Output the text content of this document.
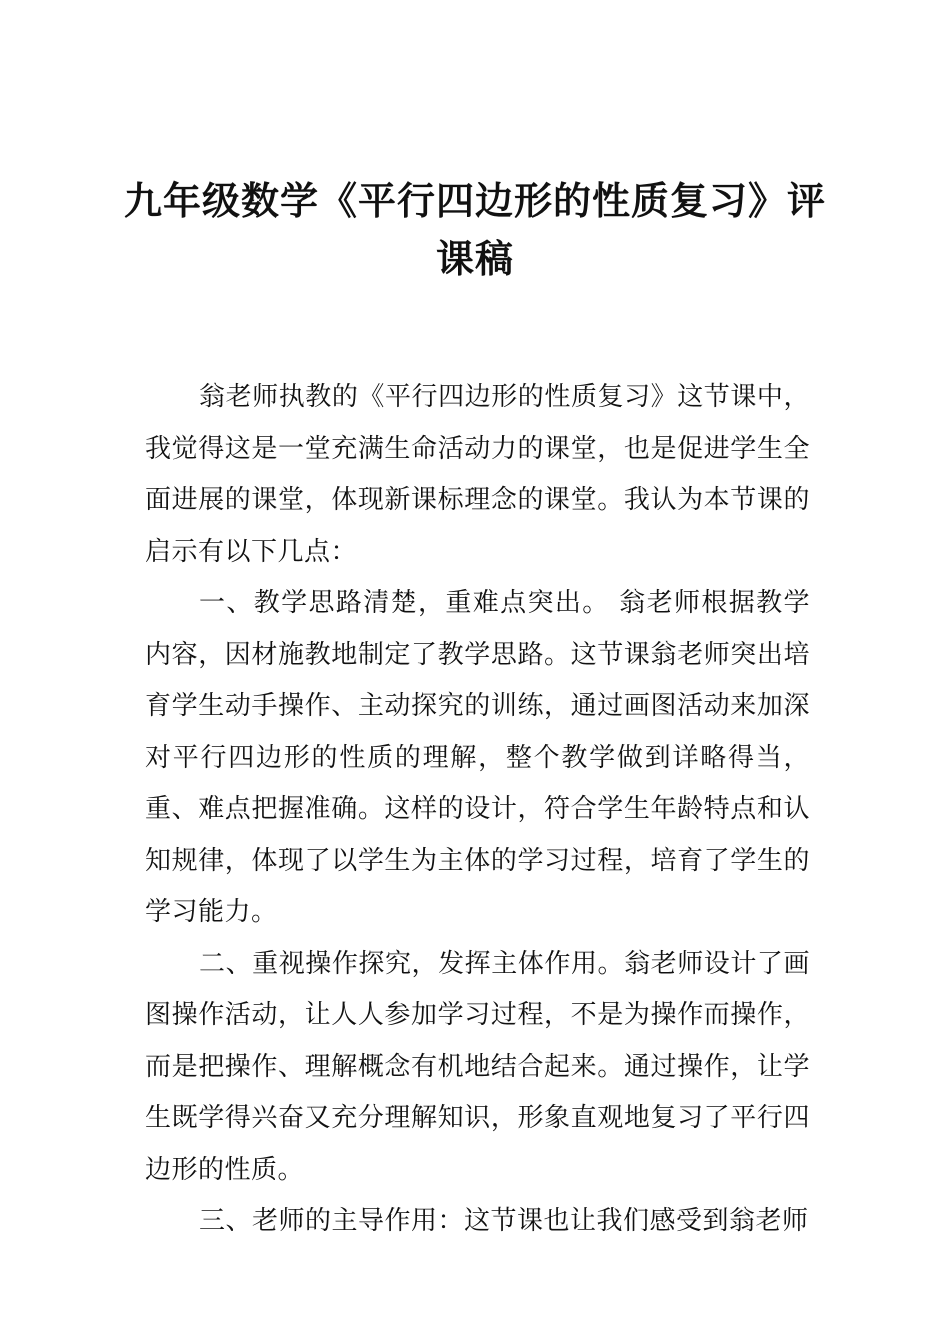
九年级数学《平行四边形的性质复习》评
课稿

翁老师执教的《平行四边形的性质复习》这节课中，我觉得这是一堂充满生命活动力的课堂，也是促进学生全面进展的课堂，体现新课标理念的课堂。我认为本节课的启示有以下几点：

一、教学思路清楚，重难点突出。 翁老师根据教学内容，因材施教地制定了教学思路。这节课翁老师突出培育学生动手操作、主动探究的训练，通过画图活动来加深对平行四边形的性质的理解，整个教学做到详略得当，重、难点把握准确。这样的设计，符合学生年龄特点和认知规律，体现了以学生为主体的学习过程，培育了学生的学习能力。

二、重视操作探究，发挥主体作用。翁老师设计了画图操作活动，让人人参加学习过程，不是为操作而操作，而是把操作、理解概念有机地结合起来。通过操作，让学生既学得兴奋又充分理解知识，形象直观地复习了平行四边形的性质。

三、老师的主导作用：这节课也让我们感受到翁老师
